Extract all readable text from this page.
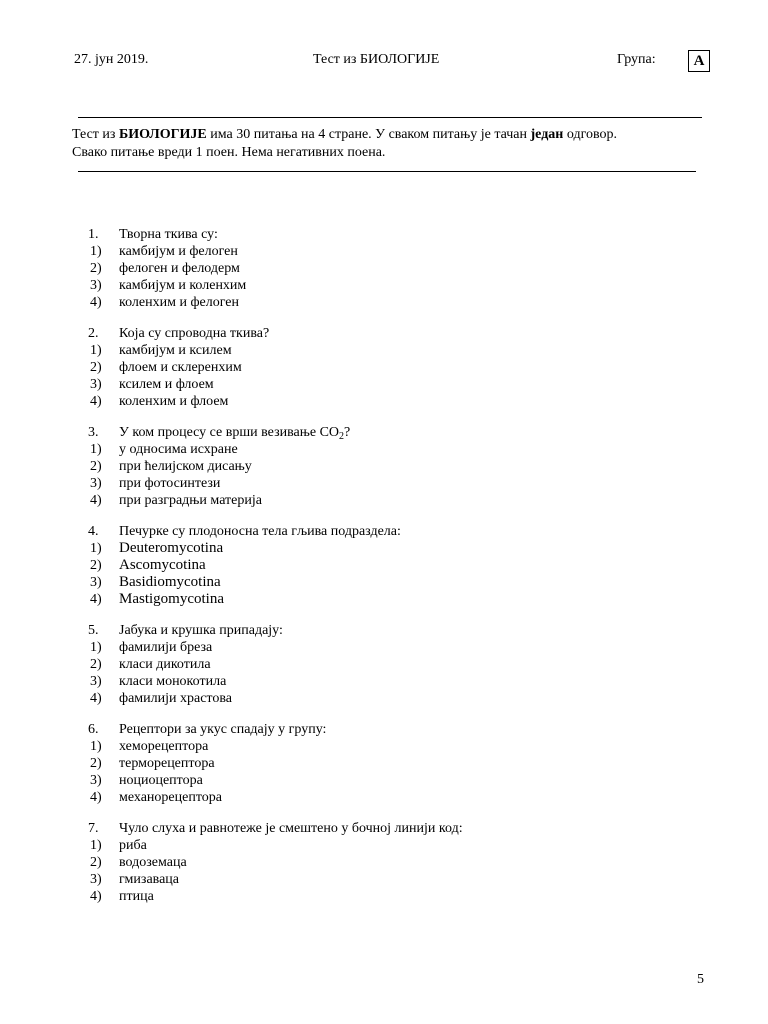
27. јун 2019.	Тест из БИОЛОГИЈЕ	Група:	А
Тест из БИОЛОГИЈЕ има 30 питања на 4 стране. У сваком питању је тачан један одговор.
Свако питање вреди 1 поен. Нема негативних поена.
1. Творна ткива су:
1) камбијум и фелоген
2) фелоген и фелодерм
3) камбијум и коленхим
4) коленхим и фелоген
2. Која су спроводна ткива?
1) камбијум и ксилем
2) флоем и склеренхим
3) ксилем и флоем
4) коленхим и флоем
3. У ком процесу се врши везивање $CO_2$?
1) у односима исхране
2) при ћелијском дисању
3) при фотосинтези
4) при разградњи материја
4. Печурке су плодоносна тела гљива подраздела:
1) Deuteromycotina
2) Ascomycotina
3) Basidiomycotina
4) Mastigomycotina
5. Јабука и крушка припадају:
1) фамилији бреза
2) класи дикотила
3) класи монокотила
4) фамилији храстова
6. Рецептори за укус спадају у групу:
1) хеморецептора
2) терморецептора
3) ноциоцептора
4) механорецептора
7. Чуло слуха и равнотеже је смештено у бочној линији код:
1) риба
2) водоземаца
3) гмизаваца
4) птица
5
